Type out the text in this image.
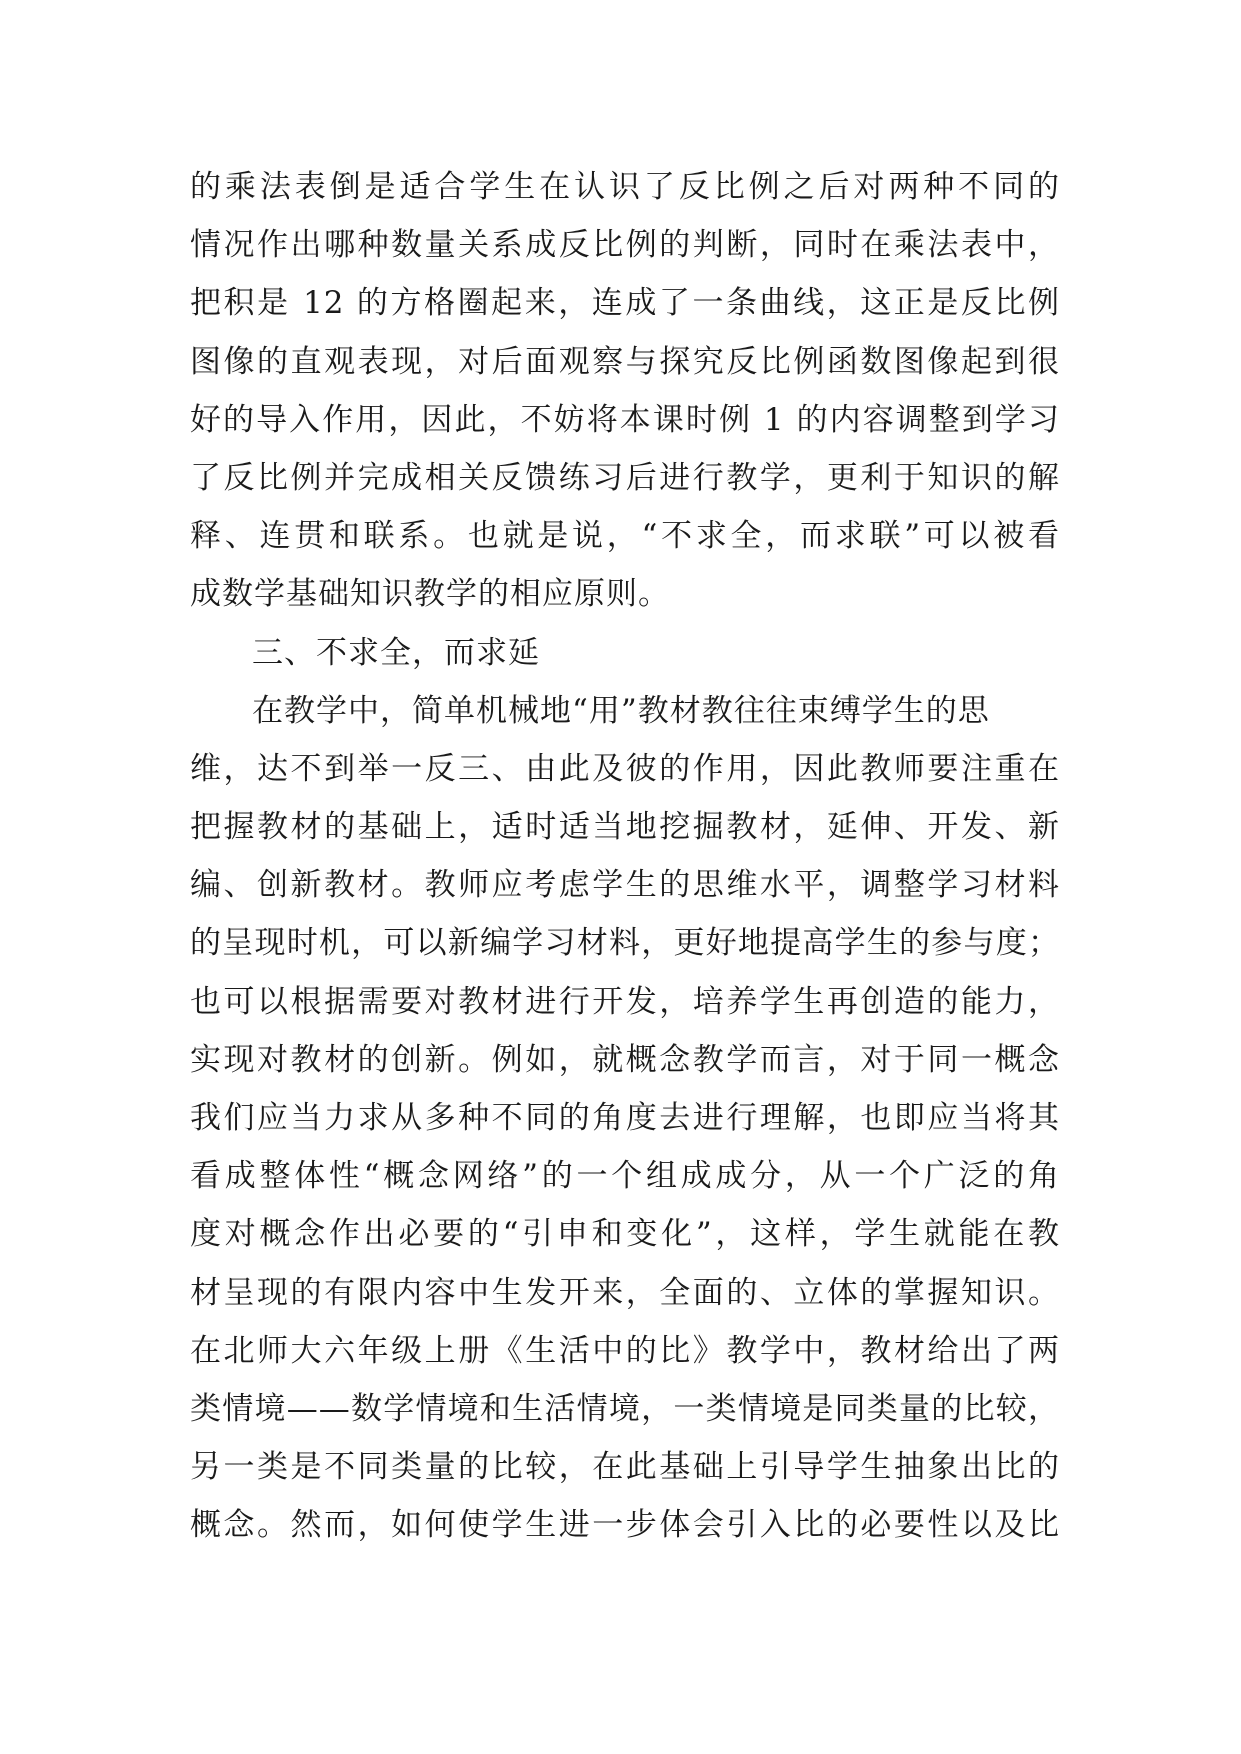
的乘法表倒是适合学生在认识了反比例之后对两种不同的
情况作出哪种数量关系成反比例的判断，同时在乘法表中，
把积是 12 的方格圈起来，连成了一条曲线，这正是反比例
图像的直观表现，对后面观察与探究反比例函数图像起到很
好的导入作用，因此，不妨将本课时例 1 的内容调整到学习
了反比例并完成相关反馈练习后进行教学，更利于知识的解
释、连贯和联系。也就是说，“不求全，而求联”可以被看
成数学基础知识教学的相应原则。
三、不求全，而求延
在教学中，简单机械地“用”教材教往往束缚学生的思
维，达不到举一反三、由此及彼的作用，因此教师要注重在
把握教材的基础上，适时适当地挖掘教材，延伸、开发、新
编、创新教材。教师应考虑学生的思维水平，调整学习材料
的呈现时机，可以新编学习材料，更好地提高学生的参与度；
也可以根据需要对教材进行开发，培养学生再创造的能力，
实现对教材的创新。例如，就概念教学而言，对于同一概念
我们应当力求从多种不同的角度去进行理解，也即应当将其
看成整体性“概念网络”的一个组成成分，从一个广泛的角
度对概念作出必要的“引申和变化”，这样，学生就能在教
材呈现的有限内容中生发开来，全面的、立体的掌握知识。
在北师大六年级上册《生活中的比》教学中，教材给出了两
类情境——数学情境和生活情境，一类情境是同类量的比较，
另一类是不同类量的比较，在此基础上引导学生抽象出比的
概念。然而，如何使学生进一步体会引入比的必要性以及比
